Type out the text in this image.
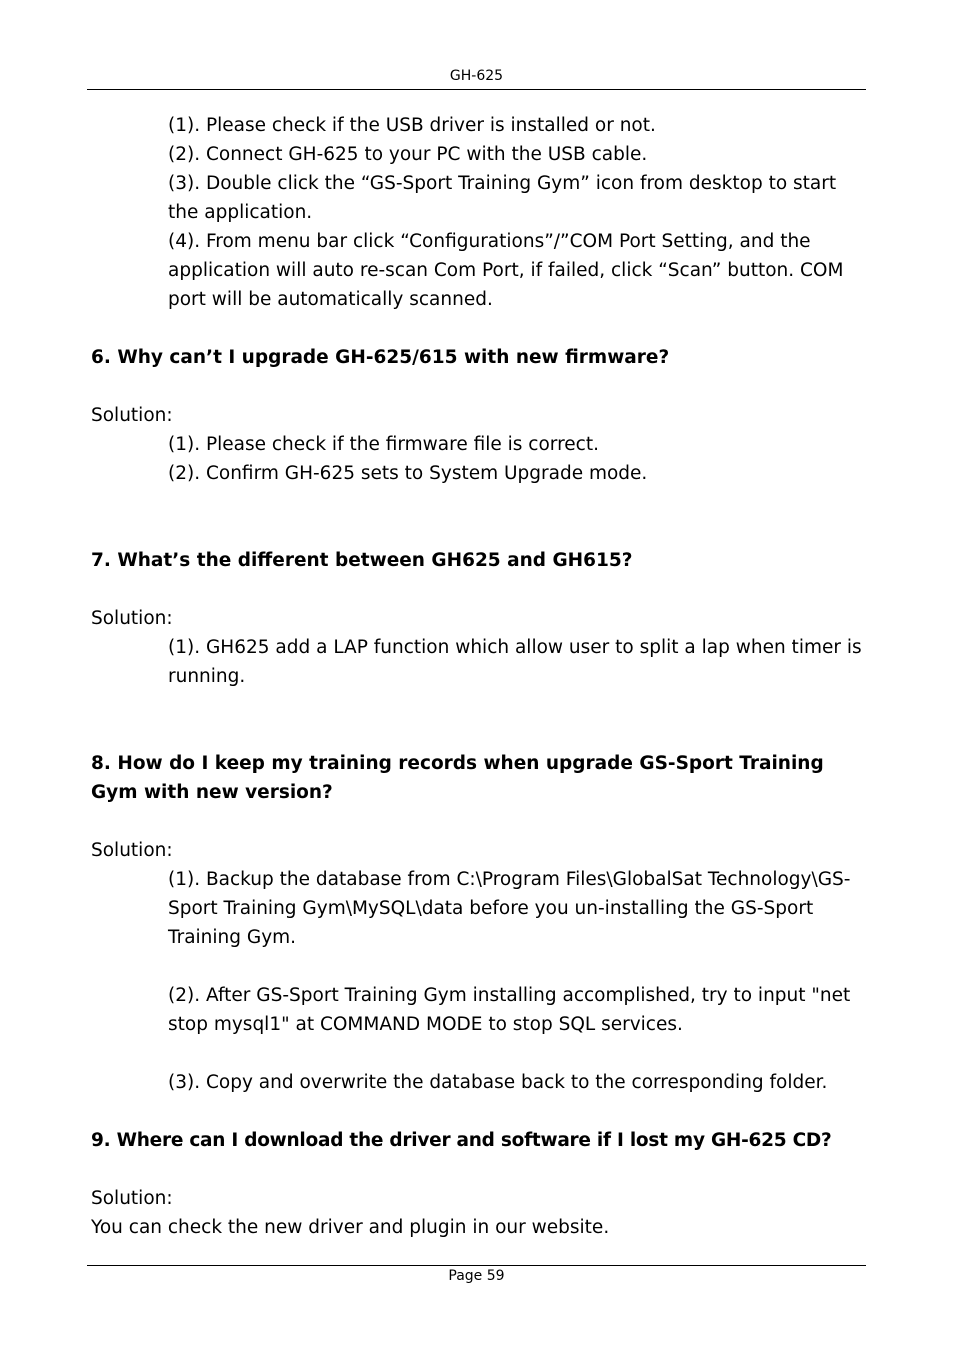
GH-625

(1). Please check if the USB driver is installed or not.

(2). Connect GH-625 to your PC with the USB cable.

(3). Double click the “GS-Sport Training Gym” icon from desktop to start the application.

(4). From menu bar click “Configurations”/”COM Port Setting, and the application will auto re-scan Com Port, if failed, click “Scan” button. COM port will be automatically scanned.

6. Why can’t I upgrade GH-625/615 with new firmware?

Solution:

(1). Please check if the firmware file is correct.

(2). Confirm GH-625 sets to System Upgrade mode.

7. What’s the different between GH625 and GH615?

Solution:

(1). GH625 add a LAP function which allow user to split a lap when timer is running.

8. How do I keep my training records when upgrade GS-Sport Training Gym with new version?

Solution:

(1). Backup the database from C:\Program Files\GlobalSat Technology\GS-Sport Training Gym\MySQL\data before you un-installing the GS-Sport Training Gym.

(2). After GS-Sport Training Gym installing accomplished, try to input "net stop mysql1" at COMMAND MODE to stop SQL services.

(3). Copy and overwrite the database back to the corresponding folder.

9. Where can I download the driver and software if I lost my GH-625 CD?

Solution:

You can check the new driver and plugin in our website.

Page 59
